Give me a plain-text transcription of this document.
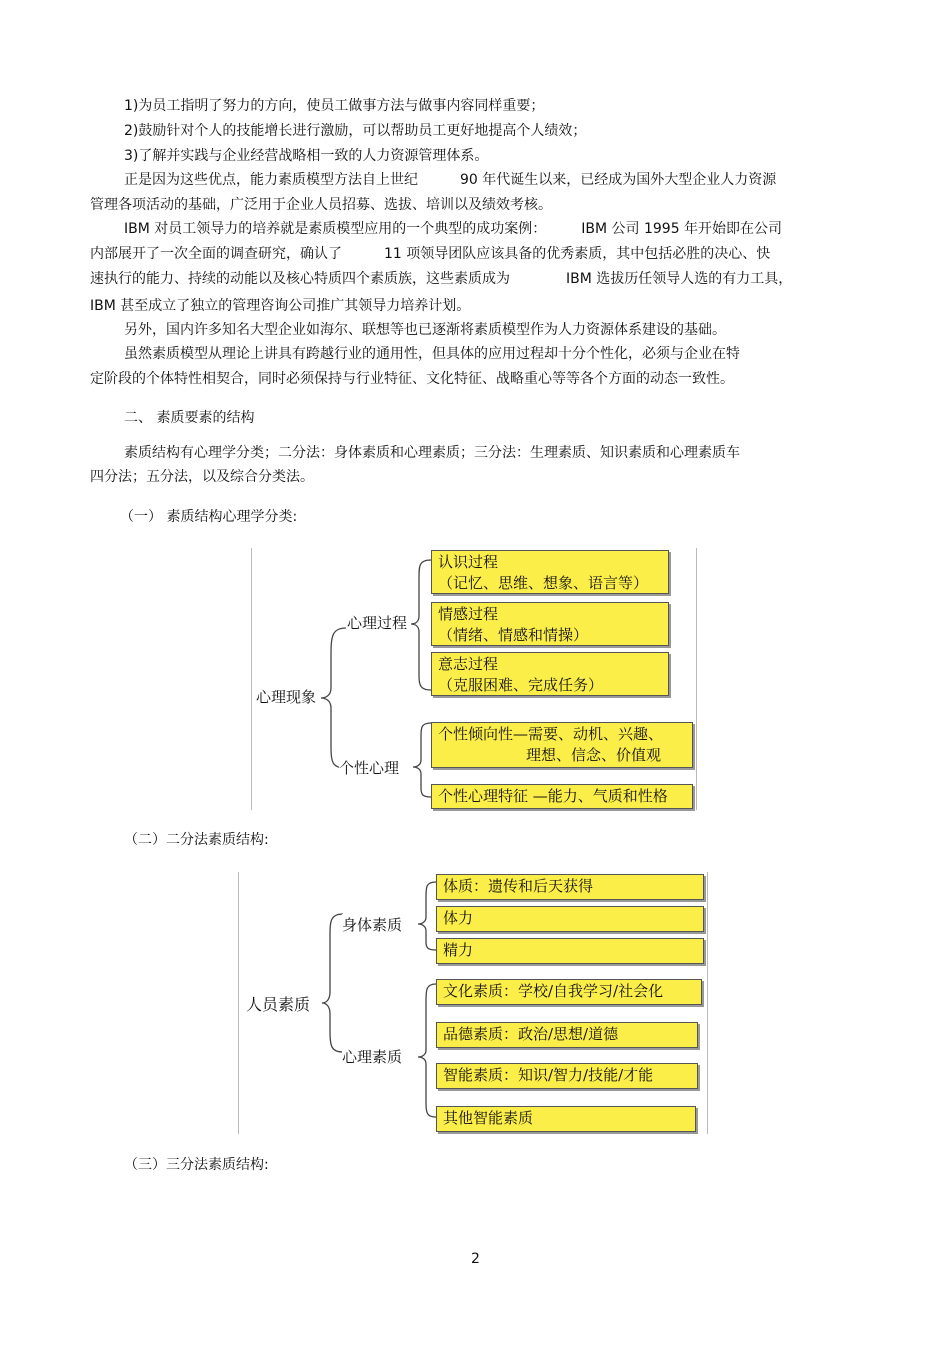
1)为员工指明了努力的方向，使员工做事方法与做事内容同样重要；
2)鼓励针对个人的技能增长进行激励，可以帮助员工更好地提高个人绩效；
3)了解并实践与企业经营战略相一致的人力资源管理体系。
正是因为这些优点，能力素质模型方法自上世纪　　　90 年代诞生以来，已经成为国外大型企业人力资源
管理各项活动的基础，广泛用于企业人员招募、选拔、培训以及绩效考核。
IBM 对员工领导力的培养就是素质模型应用的一个典型的成功案例：　　　IBM 公司 1995 年开始即在公司
内部展开了一次全面的调查研究，确认了　　　11 项领导团队应该具备的优秀素质，其中包括必胜的决心、快
速执行的能力、持续的动能以及核心特质四个素质族，这些素质成为　　　　IBM 选拔历任领导人选的有力工具，
IBM 甚至成立了独立的管理咨询公司推广其领导力培养计划。
另外，国内许多知名大型企业如海尔、联想等也已逐渐将素质模型作为人力资源体系建设的基础。
虽然素质模型从理论上讲具有跨越行业的通用性，但具体的应用过程却十分个性化，必须与企业在特
定阶段的个体特性相契合，同时必须保持与行业特征、文化特征、战略重心等等各个方面的动态一致性。
二、 素质要素的结构
素质结构有心理学分类；二分法：身体素质和心理素质；三分法：生理素质、知识素质和心理素质车
四分法；五分法，以及综合分类法。
（一） 素质结构心理学分类:
心理现象
心理过程
个性心理
认识过程
（记忆、思维、想象、语言等）
情感过程
（情绪、情感和情操）
意志过程
（克服困难、完成任务）
个性倾向性—需要、动机、兴趣、
理想、信念、价值观
个性心理特征 —能力、气质和性格
（二）二分法素质结构:
人员素质
身体素质
心理素质
体质：遗传和后天获得
体力
精力
文化素质：学校/自我学习/社会化
品德素质：政治/思想/道德
智能素质：知识/智力/技能/才能
其他智能素质
（三）三分法素质结构:
2
